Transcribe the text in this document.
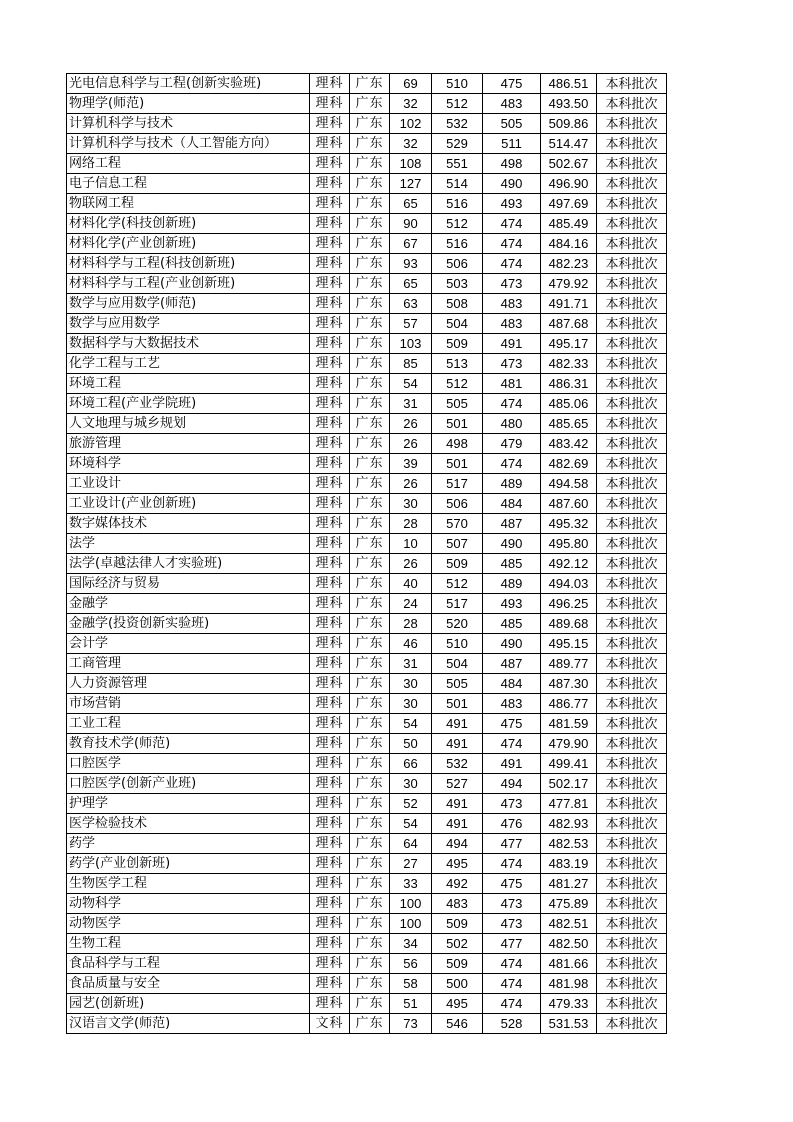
光电信息科学与工程(创新实验班)	理科	广东	69	510	475	486.51	本科批次
物理学(师范)	理科	广东	32	512	483	493.50	本科批次
计算机科学与技术	理科	广东	102	532	505	509.86	本科批次
计算机科学与技术（人工智能方向）	理科	广东	32	529	511	514.47	本科批次
网络工程	理科	广东	108	551	498	502.67	本科批次
电子信息工程	理科	广东	127	514	490	496.90	本科批次
物联网工程	理科	广东	65	516	493	497.69	本科批次
材料化学(科技创新班)	理科	广东	90	512	474	485.49	本科批次
材料化学(产业创新班)	理科	广东	67	516	474	484.16	本科批次
材料科学与工程(科技创新班)	理科	广东	93	506	474	482.23	本科批次
材料科学与工程(产业创新班)	理科	广东	65	503	473	479.92	本科批次
数学与应用数学(师范)	理科	广东	63	508	483	491.71	本科批次
数学与应用数学	理科	广东	57	504	483	487.68	本科批次
数据科学与大数据技术	理科	广东	103	509	491	495.17	本科批次
化学工程与工艺	理科	广东	85	513	473	482.33	本科批次
环境工程	理科	广东	54	512	481	486.31	本科批次
环境工程(产业学院班)	理科	广东	31	505	474	485.06	本科批次
人文地理与城乡规划	理科	广东	26	501	480	485.65	本科批次
旅游管理	理科	广东	26	498	479	483.42	本科批次
环境科学	理科	广东	39	501	474	482.69	本科批次
工业设计	理科	广东	26	517	489	494.58	本科批次
工业设计(产业创新班)	理科	广东	30	506	484	487.60	本科批次
数字媒体技术	理科	广东	28	570	487	495.32	本科批次
法学	理科	广东	10	507	490	495.80	本科批次
法学(卓越法律人才实验班)	理科	广东	26	509	485	492.12	本科批次
国际经济与贸易	理科	广东	40	512	489	494.03	本科批次
金融学	理科	广东	24	517	493	496.25	本科批次
金融学(投资创新实验班)	理科	广东	28	520	485	489.68	本科批次
会计学	理科	广东	46	510	490	495.15	本科批次
工商管理	理科	广东	31	504	487	489.77	本科批次
人力资源管理	理科	广东	30	505	484	487.30	本科批次
市场营销	理科	广东	30	501	483	486.77	本科批次
工业工程	理科	广东	54	491	475	481.59	本科批次
教育技术学(师范)	理科	广东	50	491	474	479.90	本科批次
口腔医学	理科	广东	66	532	491	499.41	本科批次
口腔医学(创新产业班)	理科	广东	30	527	494	502.17	本科批次
护理学	理科	广东	52	491	473	477.81	本科批次
医学检验技术	理科	广东	54	491	476	482.93	本科批次
药学	理科	广东	64	494	477	482.53	本科批次
药学(产业创新班)	理科	广东	27	495	474	483.19	本科批次
生物医学工程	理科	广东	33	492	475	481.27	本科批次
动物科学	理科	广东	100	483	473	475.89	本科批次
动物医学	理科	广东	100	509	473	482.51	本科批次
生物工程	理科	广东	34	502	477	482.50	本科批次
食品科学与工程	理科	广东	56	509	474	481.66	本科批次
食品质量与安全	理科	广东	58	500	474	481.98	本科批次
园艺(创新班)	理科	广东	51	495	474	479.33	本科批次
汉语言文学(师范)	文科	广东	73	546	528	531.53	本科批次
